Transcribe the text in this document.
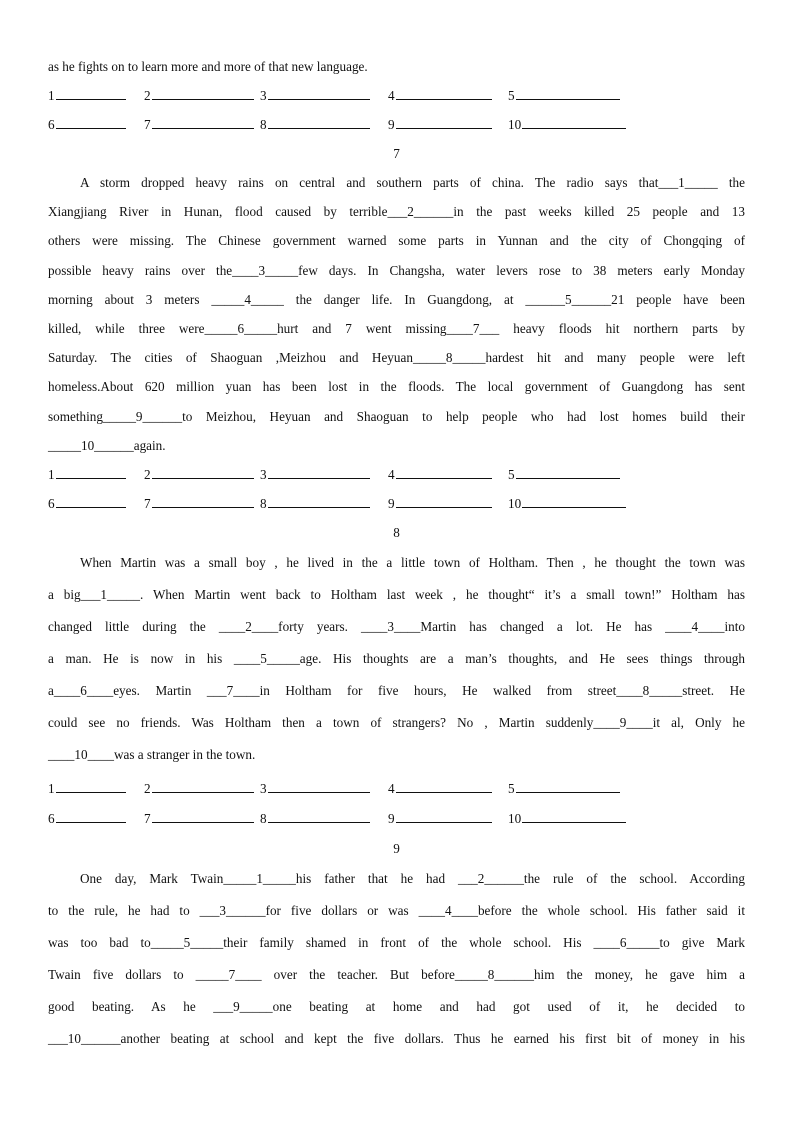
as he fights on to learn more and more of that new language.
1	2	3	4	5
6	7	8	9	10
7
A storm dropped heavy rains on central and southern parts of china. The radio says that___1_____ the
Xiangjiang River in Hunan, flood caused by terrible___2______in the past weeks killed 25 people and 13
others were missing. The Chinese government warned some parts in Yunnan and the city of Chongqing of
possible heavy rains over the____3_____few days. In Changsha, water levers rose to 38 meters early Monday
morning about 3 meters _____4_____ the danger life. In Guangdong, at ______5______21 people have been
killed, while three were_____6_____hurt and 7 went missing____7___ heavy floods hit northern parts by
Saturday. The cities of Shaoguan ,Meizhou and Heyuan_____8_____hardest hit and many people were left
homeless.About 620 million yuan has been lost in the floods. The local government of Guangdong has sent
something_____9______to Meizhou, Heyuan and Shaoguan to help people who had lost homes build their
_____10______again.
1	2	3	4	5
6	7	8	9	10
8
When Martin was a small boy , he lived in the a little town of Holtham. Then , he thought the town was
a big___1_____. When Martin went back to Holtham last week , he thought“ it’s a small town!” Holtham has
changed little during the ____2____forty years. ____3____Martin has changed a lot. He has ____4____into
a man. He is now in his ____5_____age. His thoughts are a man’s thoughts, and He sees things through
a____6____eyes. Martin ___7____in Holtham for five hours, He walked from street____8_____street. He
could see no friends. Was Holtham then a town of strangers? No , Martin suddenly____9____it al, Only he
____10____was a stranger in the town.
1	2	3	4	5
6	7	8	9	10
9
One day, Mark Twain_____1_____his father that he had ___2______the rule of the school. According
to the rule, he had to ___3______for five dollars or was ____4____before the whole school. His father said it
was too bad to_____5_____their family shamed in front of the whole school. His ____6_____to give Mark
Twain five dollars to _____7____ over the teacher. But before_____8______him the money, he gave him a
good beating. As he ___9_____one beating at home and had got used of it, he decided to
___10______another beating at school and kept the five dollars. Thus he earned his first bit of money in his
